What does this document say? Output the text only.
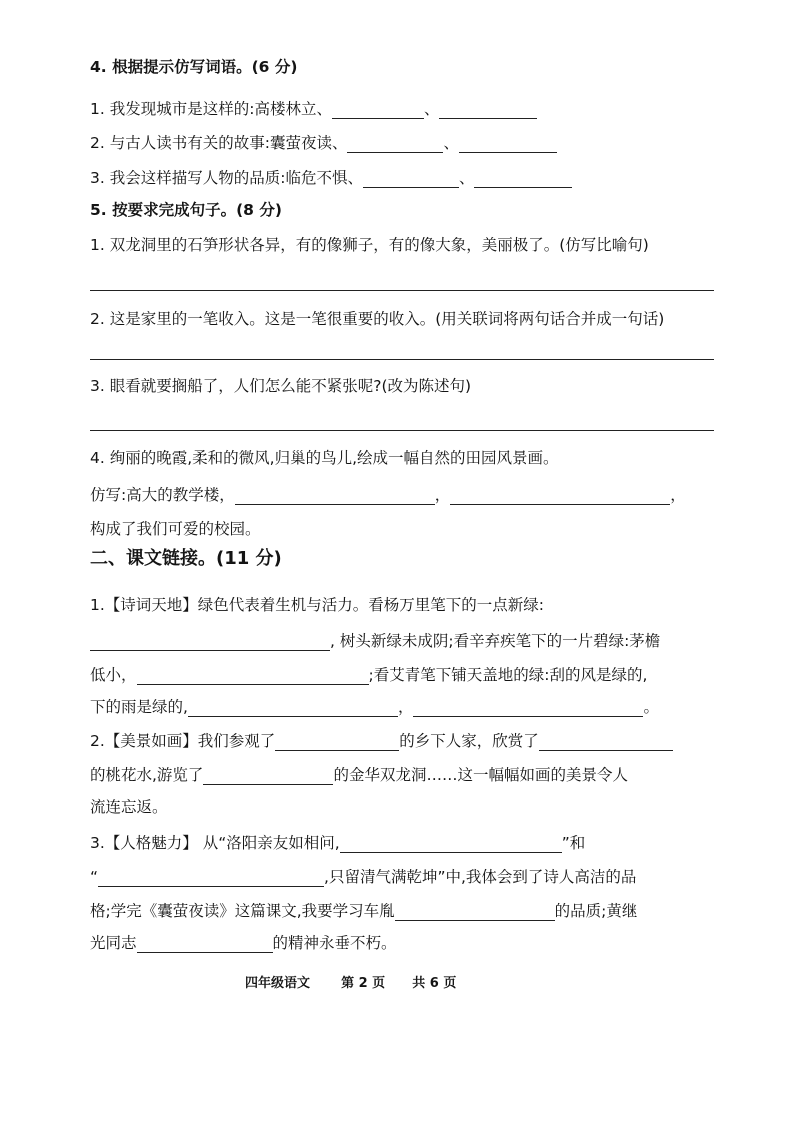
4. 根据提示仿写词语。(6 分)
1. 我发现城市是这样的:高楼林立、	、
2. 与古人读书有关的故事:囊萤夜读、	、
3. 我会这样描写人物的品质:临危不惧、	、
5. 按要求完成句子。(8 分)
1. 双龙洞里的石笋形状各异，有的像狮子，有的像大象，美丽极了。(仿写比喻句)
2. 这是家里的一笔收入。这是一笔很重要的收入。(用关联词将两句话合并成一句话)
3. 眼看就要搁船了，人们怎么能不紧张呢?(改为陈述句)
4. 绚丽的晚霞,柔和的微风,归巢的鸟儿,绘成一幅自然的田园风景画。
仿写:高大的教学楼，	，	，
构成了我们可爱的校园。
二、课文链接。(11 分)
1.【诗词天地】绿色代表着生机与活力。看杨万里笔下的一点新绿:
, 树头新绿未成阴;看辛弃疾笔下的一片碧绿:茅檐
低小，	;看艾青笔下铺天盖地的绿:刮的风是绿的,
下的雨是绿的,	，	。
2.【美景如画】我们参观了	的乡下人家，欣赏了
的桃花水,游览了	的金华双龙洞……这一幅幅如画的美景令人
流连忘返。
3.【人格魅力】 从“洛阳亲友如相问,	”和
“	,只留清气满乾坤”中,我体会到了诗人高洁的品
格;学完《囊萤夜读》这篇课文,我要学习车胤	的品质;黄继
光同志	的精神永垂不朽。
四年级语文 第 2 页 共 6 页
